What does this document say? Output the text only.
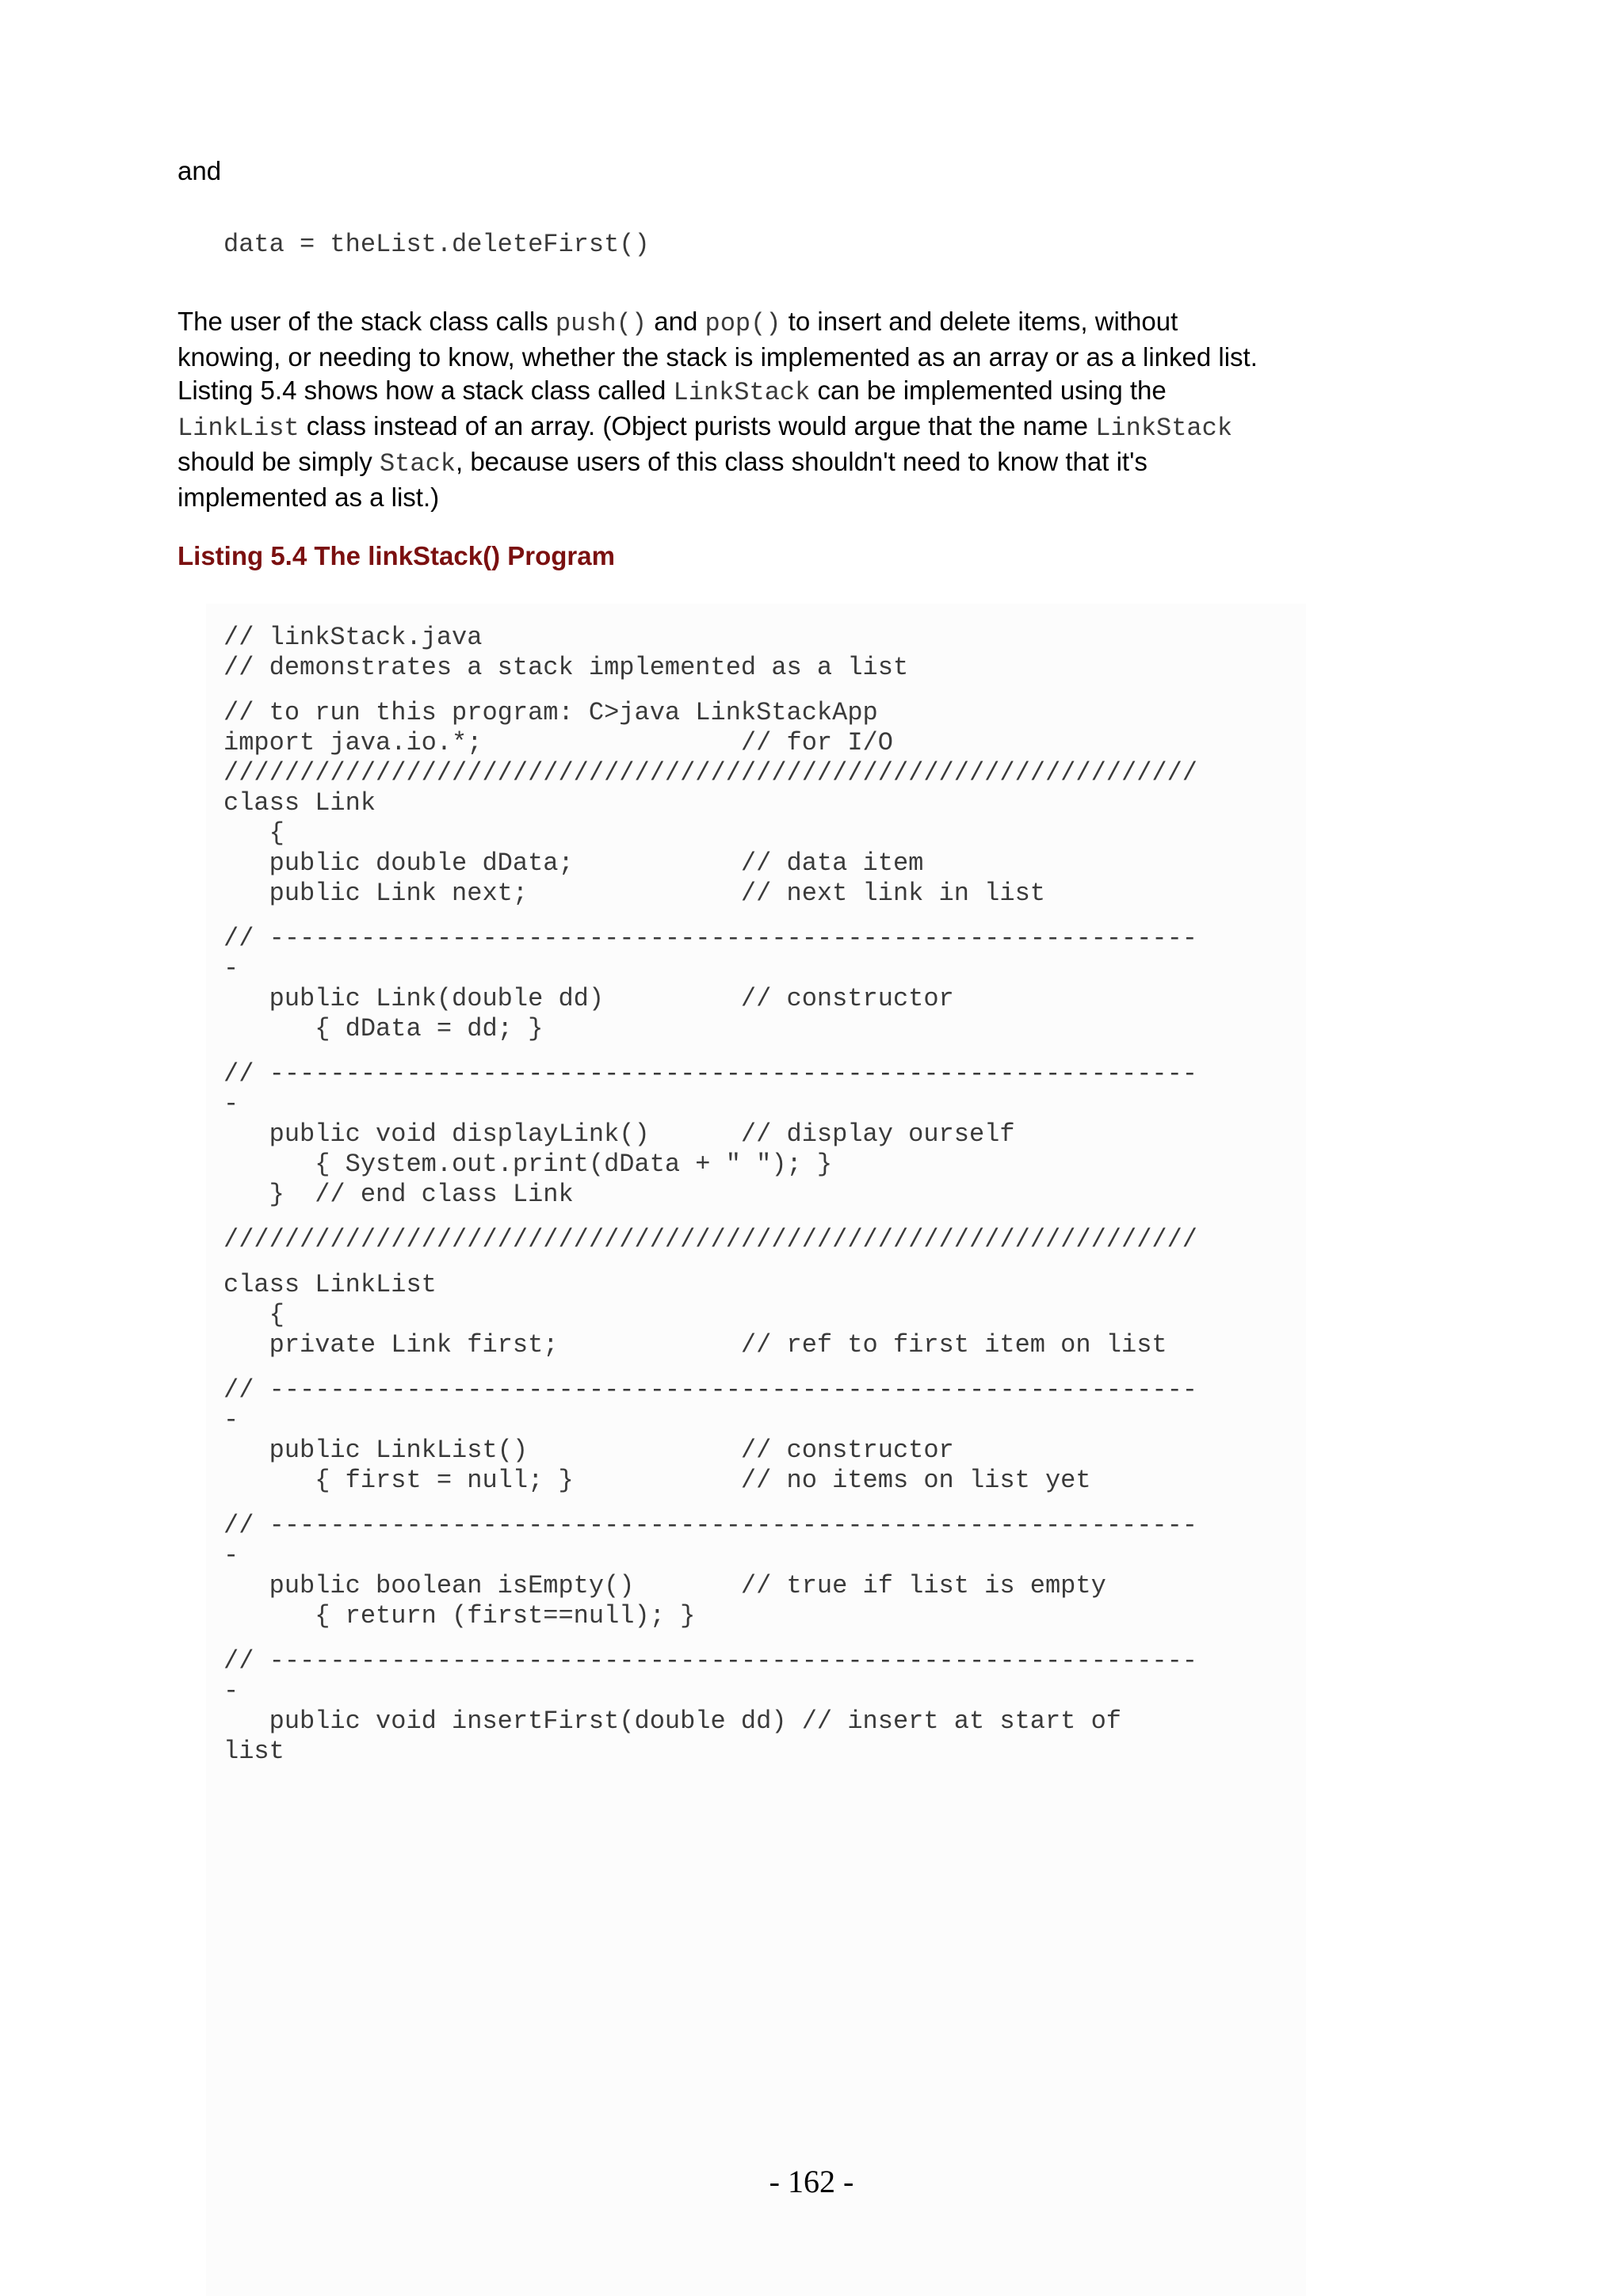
and

data = theList.deleteFirst()

The user of the stack class calls push() and pop() to insert and delete items, without knowing, or needing to know, whether the stack is implemented as an array or as a linked list. Listing 5.4 shows how a stack class called LinkStack can be implemented using the LinkList class instead of an array. (Object purists would argue that the name LinkStack should be simply Stack, because users of this class shouldn't need to know that it's implemented as a list.)

Listing 5.4 The linkStack() Program

// linkStack.java
// demonstrates a stack implemented as a list
// to run this program: C>java LinkStackApp
import java.io.*;                 // for I/O
////////////////////////////////////////////////////////////////
class Link
{
public double dData;           // data item
public Link next;              // next link in list
// -------------------------------------------------------------
-
public Link(double dd)         // constructor
{ dData = dd; }
// -------------------------------------------------------------
-
public void displayLink()      // display ourself
{ System.out.print(dData + " "); }
}  // end class Link
////////////////////////////////////////////////////////////////
class LinkList
{
private Link first;            // ref to first item on list
// -------------------------------------------------------------
-
public LinkList()              // constructor
{ first = null; }           // no items on list yet
// -------------------------------------------------------------
-
public boolean isEmpty()       // true if list is empty
{ return (first==null); }
// -------------------------------------------------------------
-
public void insertFirst(double dd) // insert at start of
list

- 162 -
